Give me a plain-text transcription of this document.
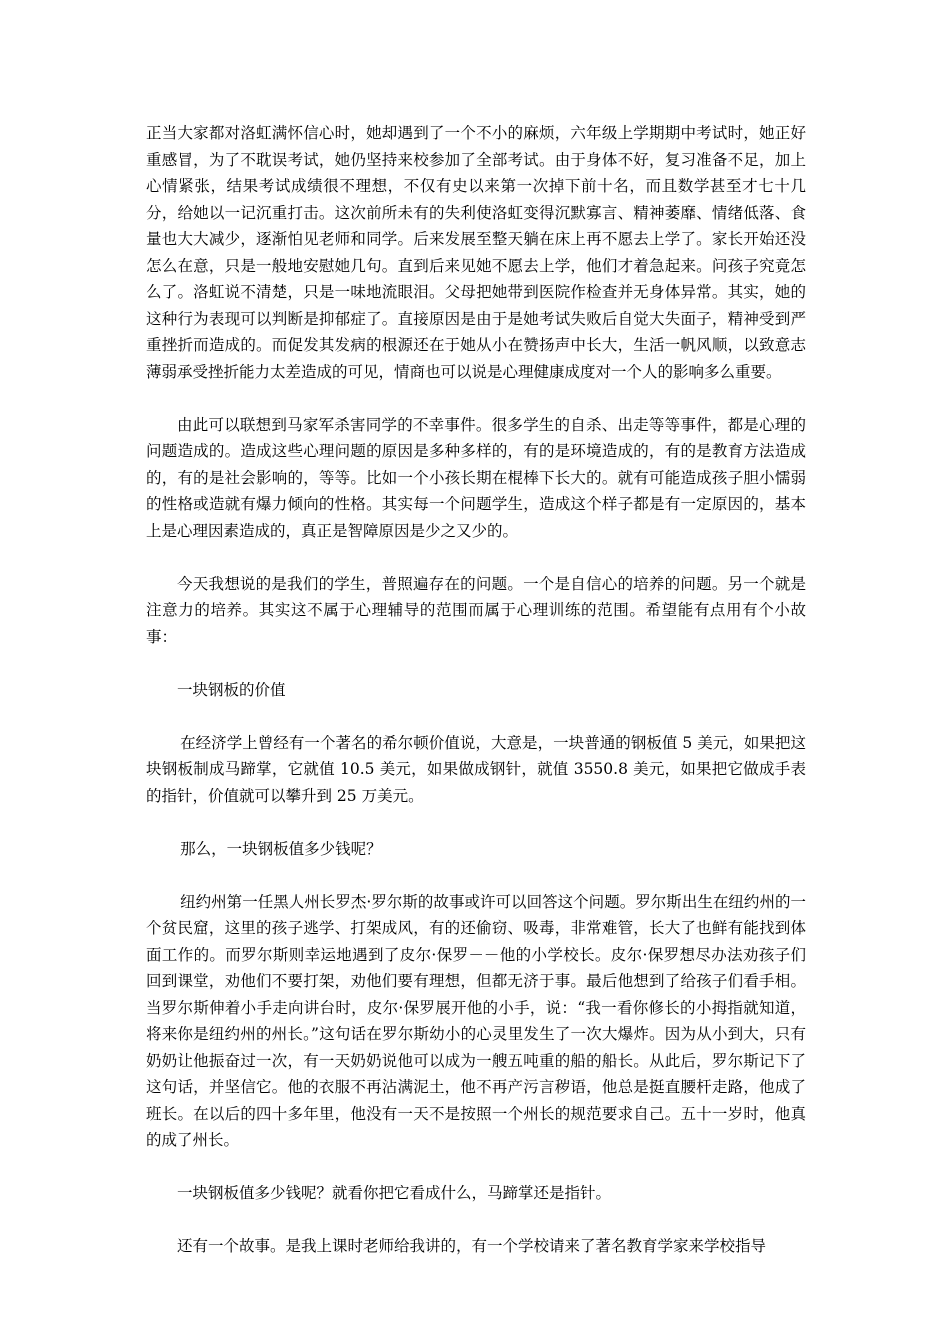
正当大家都对洛虹满怀信心时，她却遇到了一个不小的麻烦，六年级上学期期中考试时，她正好重感冒，为了不耽误考试，她仍坚持来校参加了全部考试。由于身体不好，复习准备不足，加上心情紧张，结果考试成绩很不理想，不仅有史以来第一次掉下前十名，而且数学甚至才七十几分，给她以一记沉重打击。这次前所未有的失利使洛虹变得沉默寡言、精神萎靡、情绪低落、食量也大大减少，逐渐怕见老师和同学。后来发展至整天躺在床上再不愿去上学了。家长开始还没怎么在意，只是一般地安慰她几句。直到后来见她不愿去上学，他们才着急起来。问孩子究竟怎么了。洛虹说不清楚，只是一味地流眼泪。父母把她带到医院作检查并无身体异常。其实，她的这种行为表现可以判断是抑郁症了。直接原因是由于是她考试失败后自觉大失面子，精神受到严重挫折而造成的。而促发其发病的根源还在于她从小在赞扬声中长大，生活一帆风顺，以致意志薄弱承受挫折能力太差造成的可见，情商也可以说是心理健康成度对一个人的影响多么重要。

由此可以联想到马家军杀害同学的不幸事件。很多学生的自杀、出走等等事件，都是心理的问题造成的。造成这些心理问题的原因是多种多样的，有的是环境造成的，有的是教育方法造成的，有的是社会影响的，等等。比如一个小孩长期在棍棒下长大的。就有可能造成孩子胆小懦弱的性格或造就有爆力倾向的性格。其实每一个问题学生，造成这个样子都是有一定原因的，基本上是心理因素造成的，真正是智障原因是少之又少的。

今天我想说的是我们的学生，普照遍存在的问题。一个是自信心的培养的问题。另一个就是注意力的培养。其实这不属于心理辅导的范围而属于心理训练的范围。希望能有点用有个小故事：

一块钢板的价值

在经济学上曾经有一个著名的希尔顿价值说，大意是，一块普通的钢板值 5 美元，如果把这块钢板制成马蹄掌，它就值 10.5 美元，如果做成钢针，就值 3550.8 美元，如果把它做成手表的指针，价值就可以攀升到 25 万美元。

那么，一块钢板值多少钱呢？

纽约州第一任黑人州长罗杰·罗尔斯的故事或许可以回答这个问题。罗尔斯出生在纽约州的一个贫民窟，这里的孩子逃学、打架成风，有的还偷窃、吸毒，非常难管，长大了也鲜有能找到体面工作的。而罗尔斯则幸运地遇到了皮尔·保罗－－他的小学校长。皮尔·保罗想尽办法劝孩子们回到课堂，劝他们不要打架，劝他们要有理想，但都无济于事。最后他想到了给孩子们看手相。当罗尔斯伸着小手走向讲台时，皮尔·保罗展开他的小手，说：“我一看你修长的小拇指就知道，将来你是纽约州的州长。”这句话在罗尔斯幼小的心灵里发生了一次大爆炸。因为从小到大，只有奶奶让他振奋过一次，有一天奶奶说他可以成为一艘五吨重的船的船长。从此后，罗尔斯记下了这句话，并坚信它。他的衣服不再沾满泥土，他不再产污言秽语，他总是挺直腰杆走路，他成了班长。在以后的四十多年里，他没有一天不是按照一个州长的规范要求自己。五十一岁时，他真的成了州长。

一块钢板值多少钱呢？就看你把它看成什么，马蹄掌还是指针。

还有一个故事。是我上课时老师给我讲的，有一个学校请来了著名教育学家来学校指导
